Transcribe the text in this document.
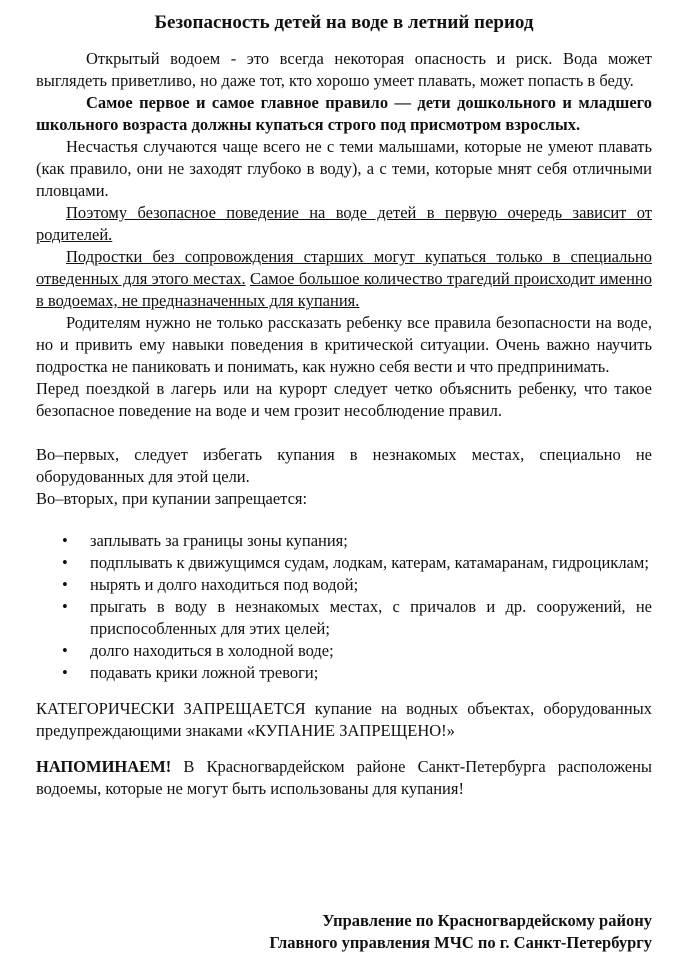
Безопасность детей на воде в летний период

Открытый водоем - это всегда некоторая опасность и риск. Вода может выглядеть приветливо, но даже тот, кто хорошо умеет плавать, может попасть в беду.

Самое первое и самое главное правило — дети дошкольного и младшего школьного возраста должны купаться строго под присмотром взрослых.

Несчастья случаются чаще всего не с теми малышами, которые не умеют плавать (как правило, они не заходят глубоко в воду), а с теми, которые мнят себя отличными пловцами.

Поэтому безопасное поведение на воде детей в первую очередь зависит от родителей.

Подростки без сопровождения старших могут купаться только в специально отведенных для этого местах. Самое большое количество трагедий происходит именно в водоемах, не предназначенных для купания.

Родителям нужно не только рассказать ребенку все правила безопасности на воде, но и привить ему навыки поведения в критической ситуации. Очень важно научить подростка не паниковать и понимать, как нужно себя вести и что предпринимать.

Перед поездкой в лагерь или на курорт следует четко объяснить ребенку, что такое безопасное поведение на воде и чем грозит несоблюдение правил.

Во–первых, следует избегать купания в незнакомых местах, специально не оборудованных для этой цели.

Во–вторых, при купании запрещается:

• заплывать за границы зоны купания;
• подплывать к движущимся судам, лодкам, катерам, катамаранам, гидроциклам;
• нырять и долго находиться под водой;
• прыгать в воду в незнакомых местах, с причалов и др. сооружений, не приспособленных для этих целей;
• долго находиться в холодной воде;
• подавать крики ложной тревоги;

КАТЕГОРИЧЕСКИ ЗАПРЕЩАЕТСЯ купание на водных объектах, оборудованных предупреждающими знаками «КУПАНИЕ ЗАПРЕЩЕНО!»

НАПОМИНАЕМ! В Красногвардейском районе Санкт-Петербурга расположены водоемы, которые не могут быть использованы для купания!

Управление по Красногвардейскому району
Главного управления МЧС по г. Санкт-Петербургу
